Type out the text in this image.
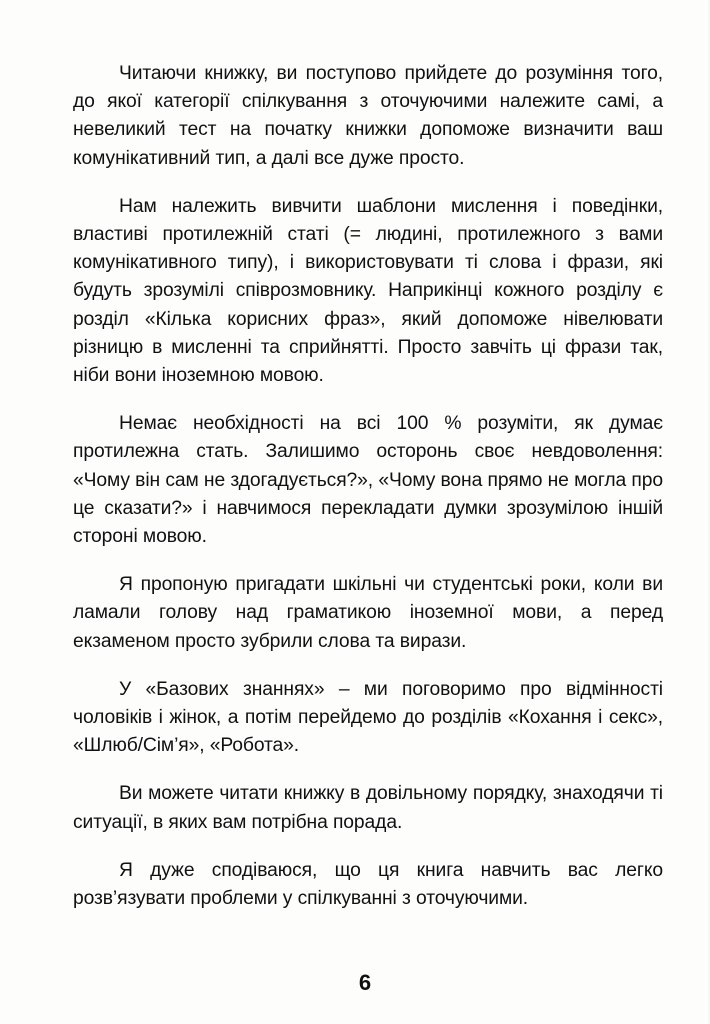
Читаючи книжку, ви поступово прийдете до розуміння того, до якої категорії спілкування з оточуючими належите самі, а невеликий тест на початку книжки допоможе визначити ваш комунікативний тип, а далі все дуже просто.

Нам належить вивчити шаблони мислення і поведінки, властиві протилежній статі (= людині, протилежного з вами комунікативного типу), і використовувати ті слова і фрази, які будуть зрозумілі співрозмовнику. Наприкінці кожного розділу є розділ «Кілька корисних фраз», який допоможе нівелювати різницю в мисленні та сприйнятті. Просто завчіть ці фрази так, ніби вони іноземною мовою.

Немає необхідності на всі 100 % розуміти, як думає протилежна стать. Залишимо осторонь своє невдоволення: «Чому він сам не здогадується?», «Чому вона прямо не могла про це сказати?» і навчимося перекладати думки зрозумілою іншій стороні мовою.

Я пропоную пригадати шкільні чи студентські роки, коли ви ламали голову над граматикою іноземної мови, а перед екзаменом просто зубрили слова та вирази.

У «Базових знаннях» – ми поговоримо про відмінності чоловіків і жінок, а потім перейдемо до розділів «Кохання і секс», «Шлюб/Сім’я», «Робота».

Ви можете читати книжку в довільному порядку, знаходячи ті ситуації, в яких вам потрібна порада.

Я дуже сподіваюся, що ця книга навчить вас легко розв’язувати проблеми у спілкуванні з оточуючими.

6
